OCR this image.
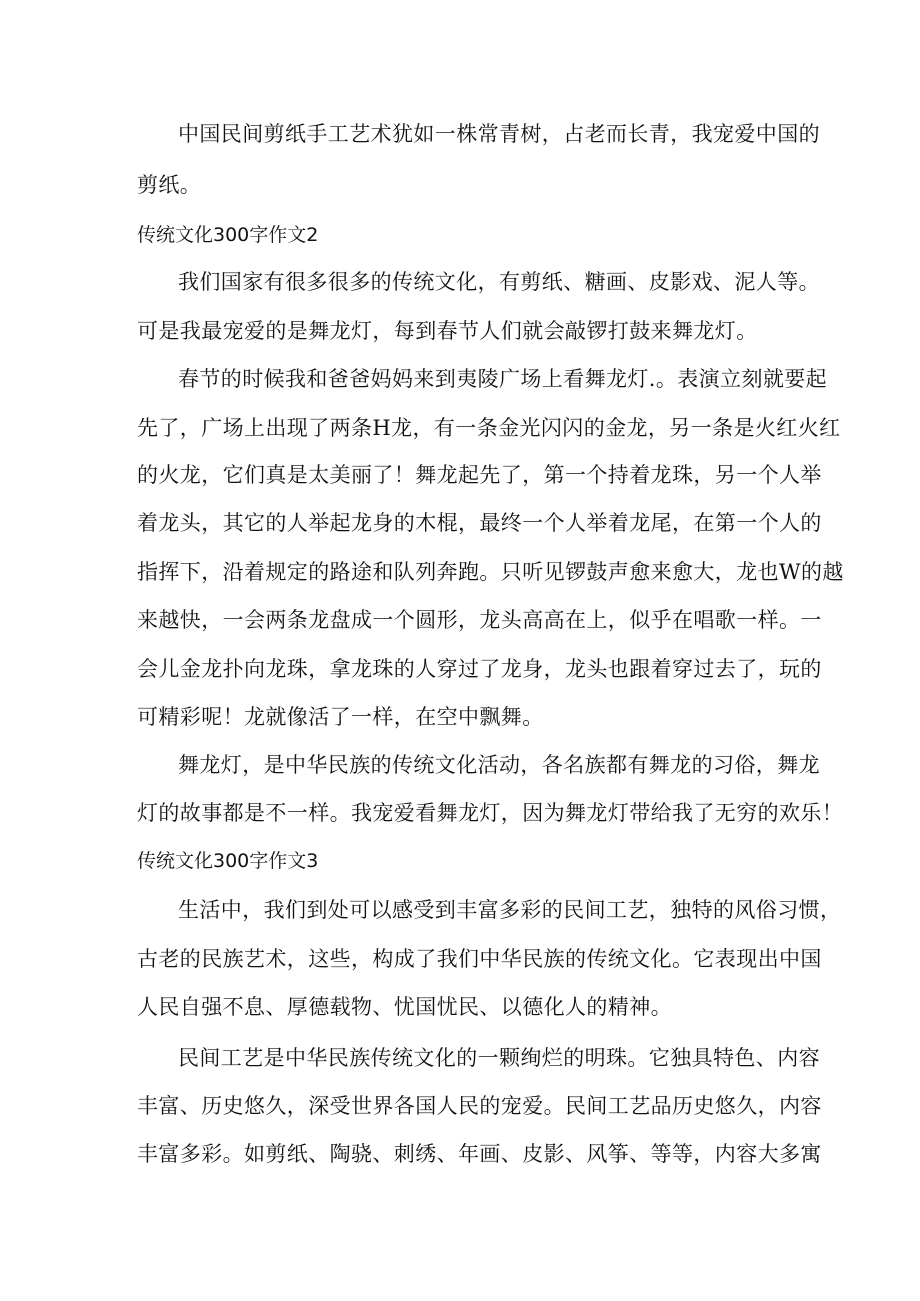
中国民间剪纸手工艺术犹如一株常青树，占老而长青，我宠爱中国的
剪纸。
传统文化300字作文2
我们国家有很多很多的传统文化，有剪纸、糖画、皮影戏、泥人等。
可是我最宠爱的是舞龙灯，每到春节人们就会敲锣打鼓来舞龙灯。
春节的时候我和爸爸妈妈来到夷陵广场上看舞龙灯.。表演立刻就要起
先了，广场上出现了两条H龙，有一条金光闪闪的金龙，另一条是火红火红
的火龙，它们真是太美丽了！舞龙起先了，第一个持着龙珠，另一个人举
着龙头，其它的人举起龙身的木棍，最终一个人举着龙尾，在第一个人的
指挥下，沿着规定的路途和队列奔跑。只听见锣鼓声愈来愈大，龙也W的越
来越快，一会两条龙盘成一个圆形，龙头高高在上，似乎在唱歌一样。一
会儿金龙扑向龙珠，拿龙珠的人穿过了龙身，龙头也跟着穿过去了，玩的
可精彩呢！龙就像活了一样，在空中飘舞。
舞龙灯，是中华民族的传统文化活动，各名族都有舞龙的习俗，舞龙
灯的故事都是不一样。我宠爱看舞龙灯，因为舞龙灯带给我了无穷的欢乐！
传统文化300字作文3
生活中，我们到处可以感受到丰富多彩的民间工艺，独特的风俗习惯，
古老的民族艺术，这些，构成了我们中华民族的传统文化。它表现出中国
人民自强不息、厚德载物、忧国忧民、以德化人的精神。
民间工艺是中华民族传统文化的一颗绚烂的明珠。它独具特色、内容
丰富、历史悠久，深受世界各国人民的宠爱。民间工艺品历史悠久，内容
丰富多彩。如剪纸、陶骁、刺绣、年画、皮影、风筝、等等，内容大多寓
